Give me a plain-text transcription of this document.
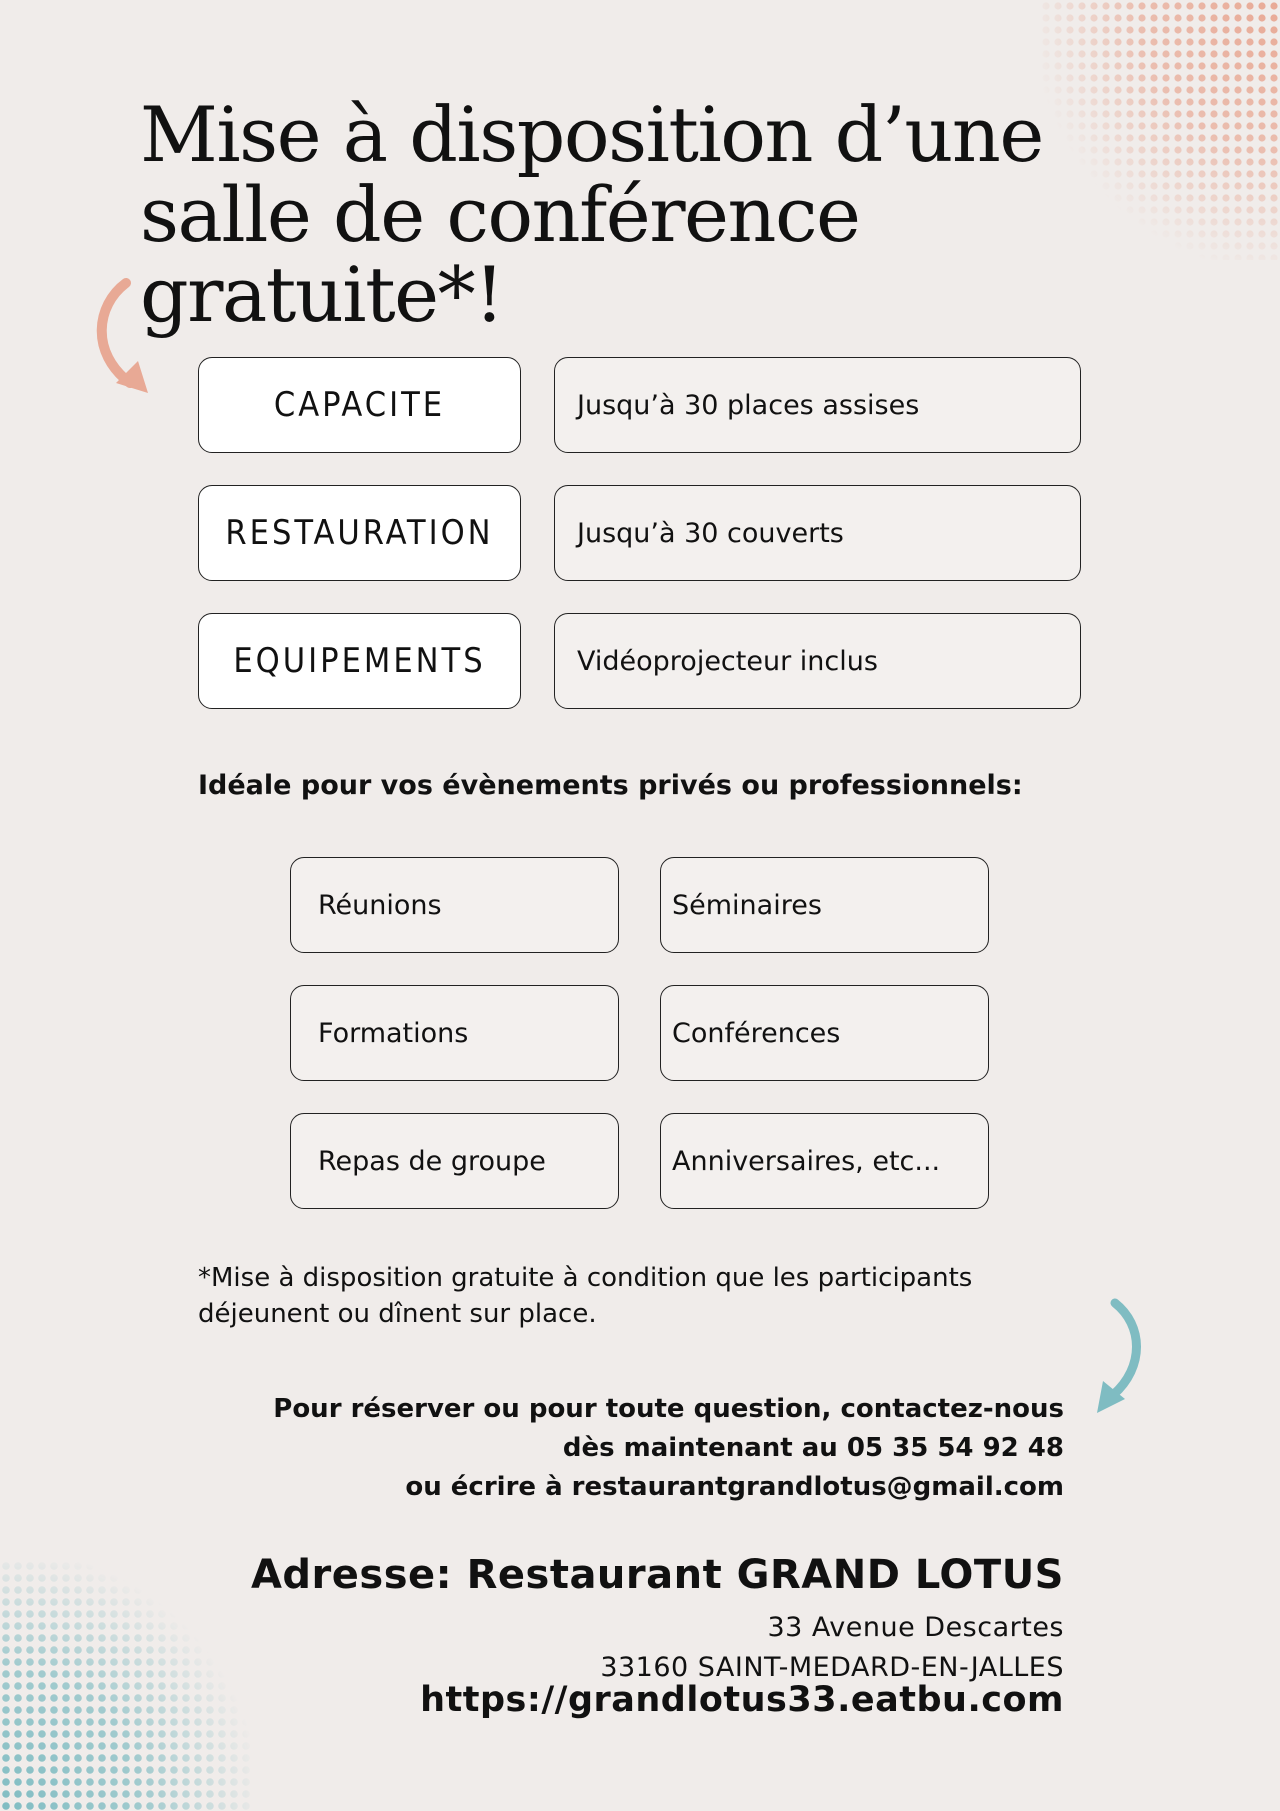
Mise à disposition d’une
salle de conférence gratuite*!
CAPACITE	Jusqu’à 30 places assises
RESTAURATION	Jusqu’à 30 couverts
EQUIPEMENTS	Vidéoprojecteur inclus

Idéale pour vos évènements privés ou professionnels:

Réunions	Séminaires
Formations	Conférences
Repas de groupe	Anniversaires, etc...

*Mise à disposition gratuite à condition que les participants
déjeunent ou dînent sur place.

Pour réserver ou pour toute question, contactez-nous
dès maintenant au 05 35 54 92 48
ou écrire à restaurantgrandlotus@gmail.com
Adresse: Restaurant GRAND LOTUS
33 Avenue Descartes
33160 SAINT-MEDARD-EN-JALLES
https://grandlotus33.eatbu.com
